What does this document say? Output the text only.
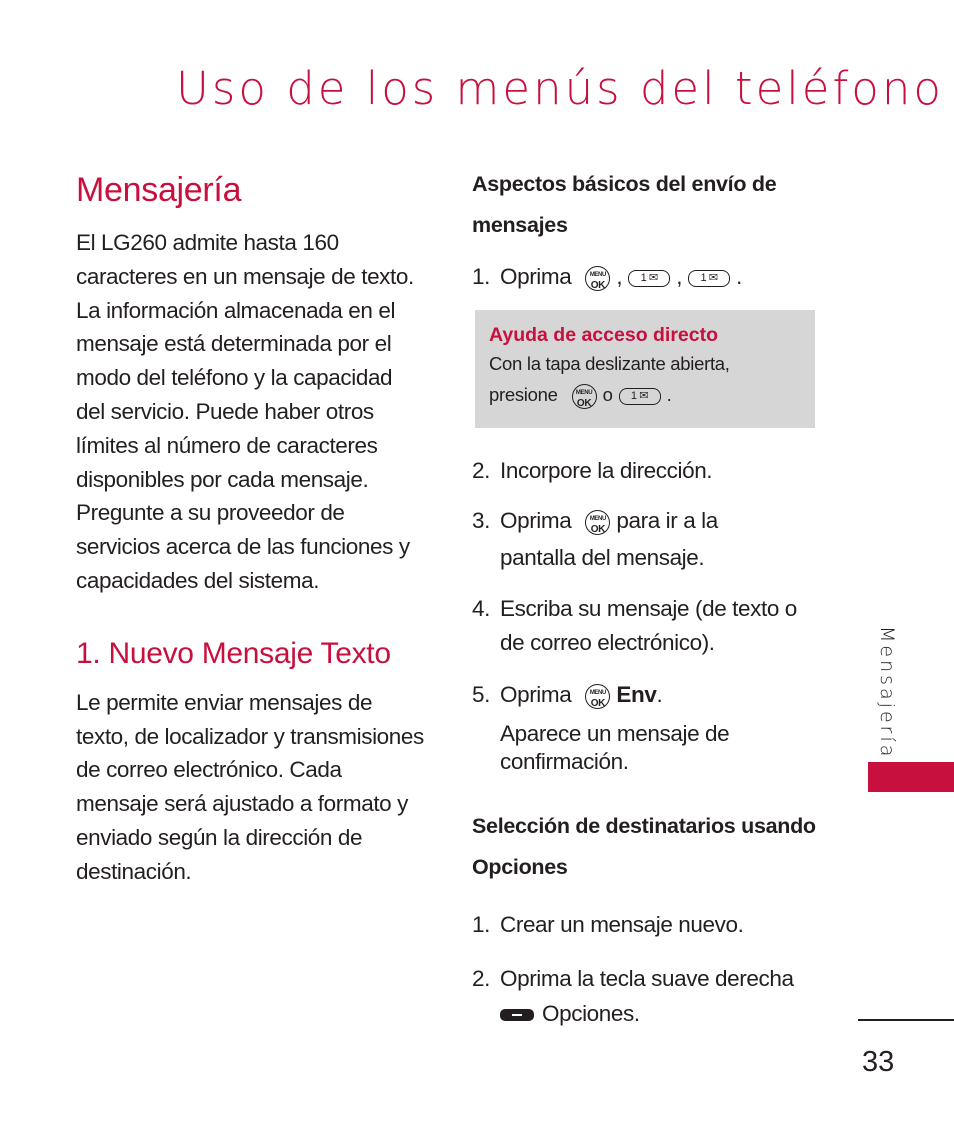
Uso de los menús del teléfono
Mensajería

El LG260 admite hasta 160 caracteres en un mensaje de texto. La información almacenada en el mensaje está determinada por el modo del teléfono y la capacidad del servicio. Puede haber otros límites al número de caracteres disponibles por cada mensaje. Pregunte a su proveedor de servicios acerca de las funciones y capacidades del sistema.

1. Nuevo Mensaje Texto

Le permite enviar mensajes de texto, de localizador y transmisiones de correo electrónico. Cada mensaje será ajustado a formato y enviado según la dirección de destinación.

Aspectos básicos del envío de mensajes
1. Oprima	MENU
OK , 1 ✉ , 1 ✉ .
Ayuda de acceso directo
Con la tapa deslizante abierta,
presione	MENU
OK o 1 ✉ .
2. Incorpore la dirección.
3. Oprima	MENU
OK para ir a la
pantalla del mensaje.
4. Escriba su mensaje (de texto o de correo electrónico).
5. Oprima	MENU
OK Env.
Aparece un mensaje de confirmación.
Selección de destinatarios usando Opciones
1. Crear un mensaje nuevo.
2. Oprima la tecla suave derecha
Opciones.
Mensajería
33
